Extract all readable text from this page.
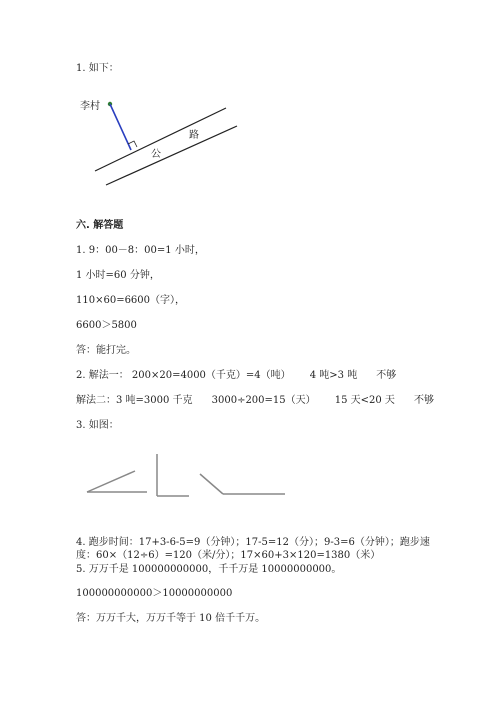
1. 如下：
李村
公
路
六. 解答题
1. 9：00－8：00=1 小时，
1 小时=60 分钟，
110×60=6600（字），
6600＞5800
答：能打完。
2. 解法一： 200×20=4000（千克）=4（吨）      4 吨>3 吨      不够
解法二：3 吨=3000 千克      3000÷200=15（天）      15 天<20 天      不够
3. 如图：
4. 跑步时间：17+3-6-5=9（分钟）；17-5=12（分）；9-3=6（分钟）；跑步速
度：60×（12÷6）=120（米/分）；17×60+3×120=1380（米）
5. 万万千是 100000000000，千千万是 10000000000。
100000000000＞10000000000
答：万万千大，万万千等于 10 倍千千万。
